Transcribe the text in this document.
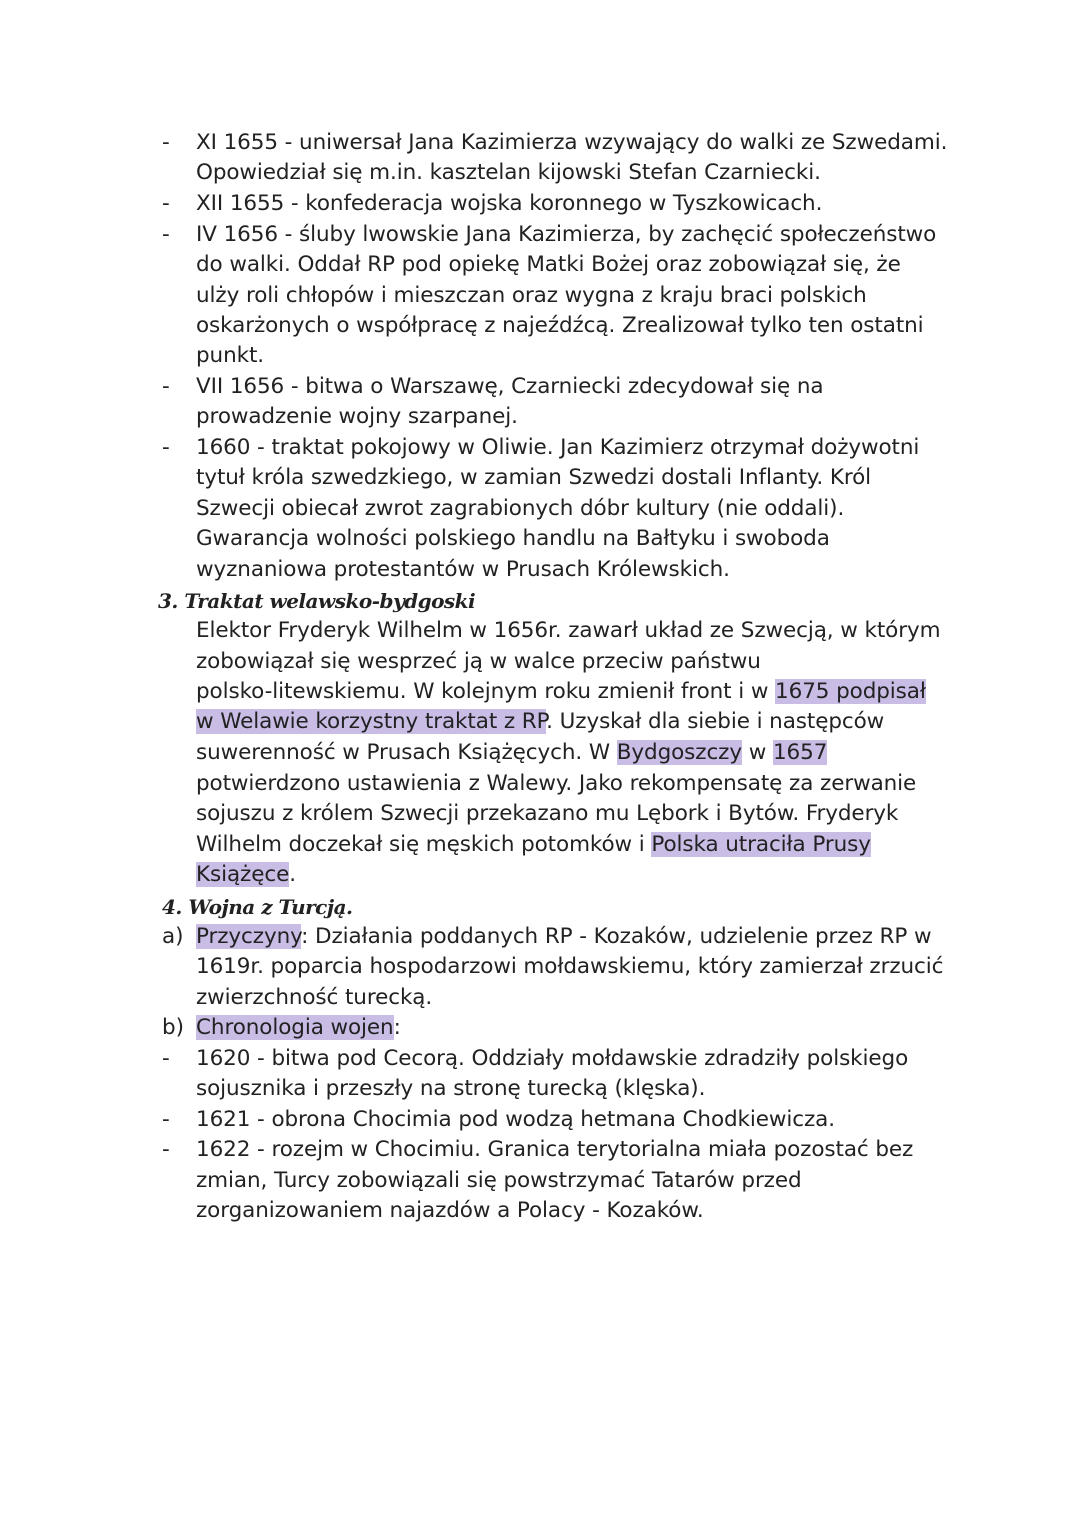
- XI 1655 - uniwersał Jana Kazimierza wzywający do walki ze Szwedami.
Opowiedział się m.in. kasztelan kijowski Stefan Czarniecki.
- XII 1655 - konfederacja wojska koronnego w Tyszkowicach.
- IV 1656 - śluby lwowskie Jana Kazimierza, by zachęcić społeczeństwo
do walki. Oddał RP pod opiekę Matki Bożej oraz zobowiązał się, że
ulży roli chłopów i mieszczan oraz wygna z kraju braci polskich
oskarżonych o współpracę z najeźdźcą. Zrealizował tylko ten ostatni
punkt.
- VII 1656 - bitwa o Warszawę, Czarniecki zdecydował się na
prowadzenie wojny szarpanej.
- 1660 - traktat pokojowy w Oliwie. Jan Kazimierz otrzymał dożywotni
tytuł króla szwedzkiego, w zamian Szwedzi dostali Inflanty. Król
Szwecji obiecał zwrot zagrabionych dóbr kultury (nie oddali).
Gwarancja wolności polskiego handlu na Bałtyku i swoboda
wyznaniowa protestantów w Prusach Królewskich.
3. Traktat welawsko-bydgoski
Elektor Fryderyk Wilhelm w 1656r. zawarł układ ze Szwecją, w którym
zobowiązał się wesprzeć ją w walce przeciw państwu
polsko-litewskiemu. W kolejnym roku zmienił front i w 1675 podpisał
w Welawie korzystny traktat z RP. Uzyskał dla siebie i następców
suwerenność w Prusach Książęcych. W Bydgoszczy w 1657
potwierdzono ustawienia z Walewy. Jako rekompensatę za zerwanie
sojuszu z królem Szwecji przekazano mu Lębork i Bytów. Fryderyk
Wilhelm doczekał się męskich potomków i Polska utraciła Prusy
Książęce.
4. Wojna z Turcją.
a) Przyczyny: Działania poddanych RP - Kozaków, udzielenie przez RP w
1619r. poparcia hospodarzowi mołdawskiemu, który zamierzał zrzucić
zwierzchność turecką.
b) Chronologia wojen:
- 1620 - bitwa pod Cecorą. Oddziały mołdawskie zdradziły polskiego
sojusznika i przeszły na stronę turecką (klęska).
- 1621 - obrona Chocimia pod wodzą hetmana Chodkiewicza.
- 1622 - rozejm w Chocimiu. Granica terytorialna miała pozostać bez
zmian, Turcy zobowiązali się powstrzymać Tatarów przed
zorganizowaniem najazdów a Polacy - Kozaków.
